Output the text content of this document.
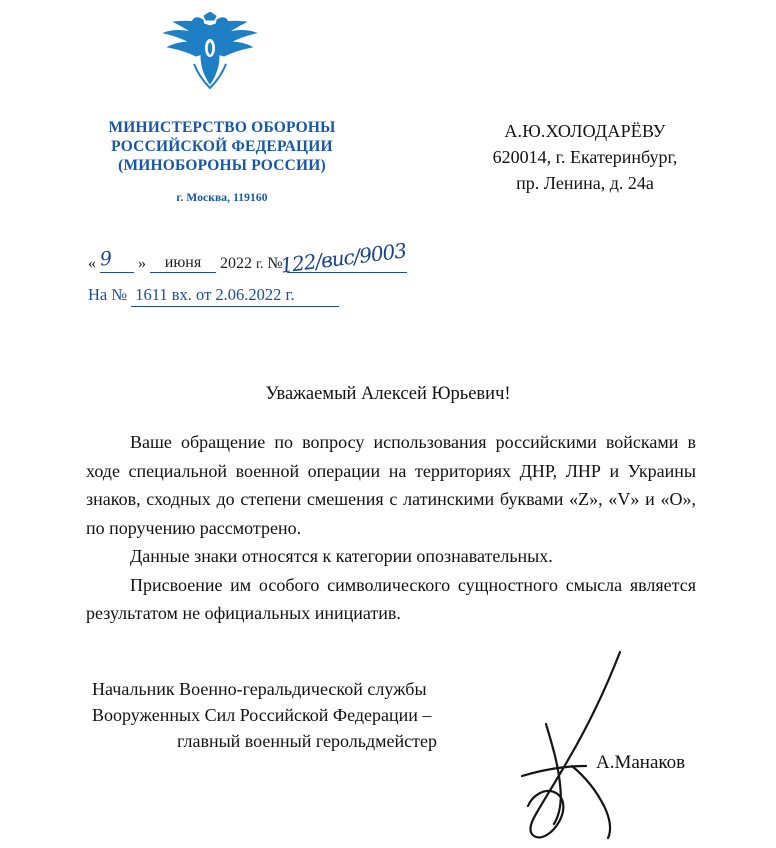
МИНИСТЕРСТВО ОБОРОНЫ
РОССИЙСКОЙ ФЕДЕРАЦИИ
(МИНОБОРОНЫ РОССИИ)
г. Москва, 119160
А.Ю.ХОЛОДАРЁВУ
620014, г. Екатеринбург,
пр. Ленина, д. 24а
«	» июня 2022 г. №
9	122/вис/9003
На № 1611 вх. от 2.06.2022 г.
Уважаемый Алексей Юрьевич!

Ваше обращение по вопросу использования российскими войсками в ходе специальной военной операции на территориях ДНР, ЛНР и Украины знаков, сходных до степени смешения с латинскими буквами «Z», «V» и «O», по поручению рассмотрено.

Данные знаки относятся к категории опознавательных.

Присвоение им особого символического сущностного смысла является результатом не официальных инициатив.

Начальник Военно-геральдической службы
Вооруженных Сил Российской Федерации –
главный военный герольдмейстер
А.Манаков
